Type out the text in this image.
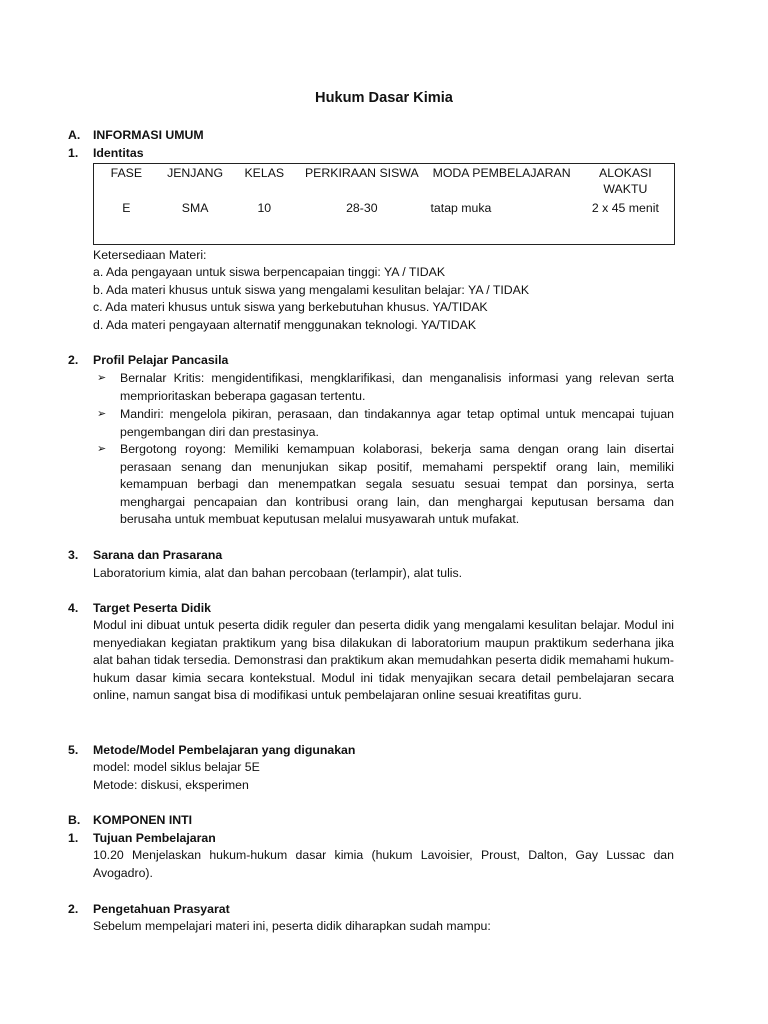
Hukum Dasar Kimia
A. INFORMASI UMUM
1. Identitas
FASE	JENJANG	KELAS	PERKIRAAN SISWA	MODA PEMBELAJARAN	ALOKASI WAKTU
E	SMA	10	28-30	tatap muka	2 x 45 menit
Ketersediaan Materi:
a. Ada pengayaan untuk siswa berpencapaian tinggi: YA / TIDAK
b. Ada materi khusus untuk siswa yang mengalami kesulitan belajar: YA / TIDAK
c. Ada materi khusus untuk siswa yang berkebutuhan khusus. YA/TIDAK
d. Ada materi pengayaan alternatif menggunakan teknologi. YA/TIDAK
2. Profil Pelajar Pancasila
➢ Bernalar Kritis: mengidentifikasi, mengklarifikasi, dan menganalisis informasi yang relevan serta memprioritaskan beberapa gagasan tertentu.
➢ Mandiri: mengelola pikiran, perasaan, dan tindakannya agar tetap optimal untuk mencapai tujuan pengembangan diri dan prestasinya.
➢ Bergotong royong: Memiliki kemampuan kolaborasi, bekerja sama dengan orang lain disertai perasaan senang dan menunjukan sikap positif, memahami perspektif orang lain, memiliki kemampuan berbagi dan menempatkan segala sesuatu sesuai tempat dan porsinya, serta menghargai pencapaian dan kontribusi orang lain, dan menghargai keputusan bersama dan berusaha untuk membuat keputusan melalui musyawarah untuk mufakat.
3. Sarana dan Prasarana
Laboratorium kimia, alat dan bahan percobaan (terlampir), alat tulis.
4. Target Peserta Didik
Modul ini dibuat untuk peserta didik reguler dan peserta didik yang mengalami kesulitan belajar. Modul ini menyediakan kegiatan praktikum yang bisa dilakukan di laboratorium maupun praktikum sederhana jika alat bahan tidak tersedia. Demonstrasi dan praktikum akan memudahkan peserta didik memahami hukum-hukum dasar kimia secara kontekstual. Modul ini tidak menyajikan secara detail pembelajaran secara online, namun sangat bisa di modifikasi untuk pembelajaran online sesuai kreatifitas guru.
5. Metode/Model Pembelajaran yang digunakan
model: model siklus belajar 5E
Metode: diskusi, eksperimen
B. KOMPONEN INTI
1. Tujuan Pembelajaran
10.20 Menjelaskan hukum-hukum dasar kimia (hukum Lavoisier, Proust, Dalton, Gay Lussac dan Avogadro).
2. Pengetahuan Prasyarat
Sebelum mempelajari materi ini, peserta didik diharapkan sudah mampu:
